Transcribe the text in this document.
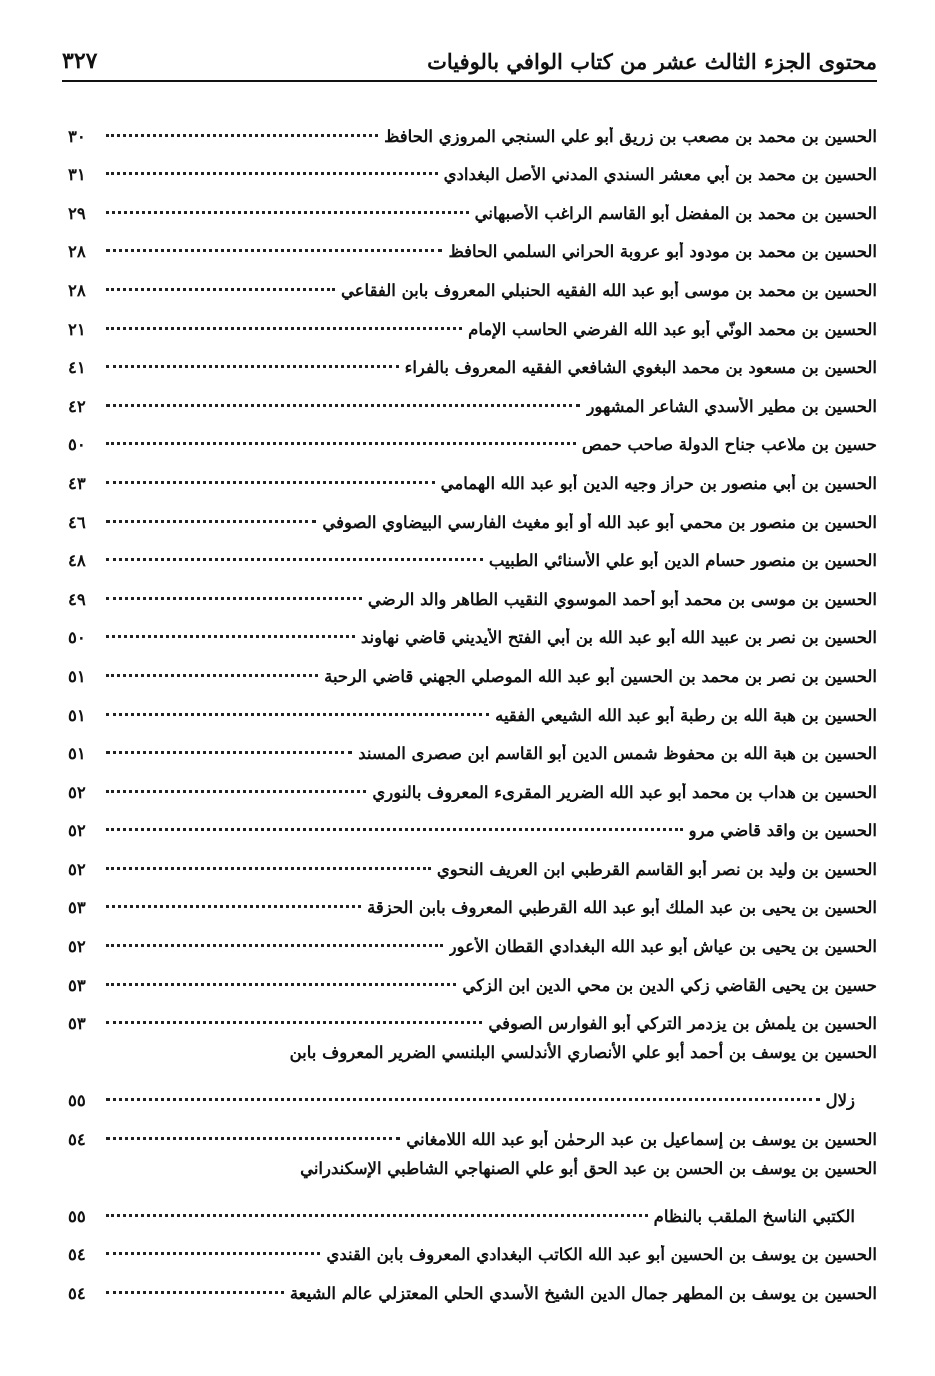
محتوى الجزء الثالث عشر من كتاب الوافي بالوفيات
٣٢٧
الحسين بن محمد بن مصعب بن زريق أبو علي السنجي المروزي الحافظ
٣٠
الحسين بن محمد بن أبي معشر السندي المدني الأصل البغدادي
٣١
الحسين بن محمد بن المفضل أبو القاسم الراغب الأصبهاني
٢٩
الحسين بن محمد بن مودود أبو عروبة الحراني السلمي الحافظ
٢٨
الحسين بن محمد بن موسى أبو عبد الله الفقيه الحنبلي المعروف بابن الفقاعي
٢٨
الحسين بن محمد الونّي أبو عبد الله الفرضي الحاسب الإمام
٢١
الحسين بن مسعود بن محمد البغوي الشافعي الفقيه المعروف بالفراء
٤١
الحسين بن مطير الأسدي الشاعر المشهور
٤٢
حسين بن ملاعب جناح الدولة صاحب حمص
٥٠
الحسين بن أبي منصور بن حراز وجيه الدين أبو عبد الله الهمامي
٤٣
الحسين بن منصور بن محمي أبو عبد الله أو أبو مغيث الفارسي البيضاوي الصوفي
٤٦
الحسين بن منصور حسام الدين أبو علي الأسنائي الطبيب
٤٨
الحسين بن موسى بن محمد أبو أحمد الموسوي النقيب الطاهر والد الرضي
٤٩
الحسين بن نصر بن عبيد الله أبو عبد الله بن أبي الفتح الأيديني قاضي نهاوند
٥٠
الحسين بن نصر بن محمد بن الحسين أبو عبد الله الموصلي الجهني قاضي الرحبة
٥١
الحسين بن هبة الله بن رطبة أبو عبد الله الشيعي الفقيه
٥١
الحسين بن هبة الله بن محفوظ شمس الدين أبو القاسم ابن صصرى المسند
٥١
الحسين بن هداب بن محمد أبو عبد الله الضرير المقرىء المعروف بالنوري
٥٢
الحسين بن واقد قاضي مرو
٥٢
الحسين بن وليد بن نصر أبو القاسم القرطبي ابن العريف النحوي
٥٢
الحسين بن يحيى بن عبد الملك أبو عبد الله القرطبي المعروف بابن الحزقة
٥٣
الحسين بن يحيى بن عياش أبو عبد الله البغدادي القطان الأعور
٥٢
حسين بن يحيى القاضي زكي الدين بن محي الدين ابن الزكي
٥٣
الحسين بن يلمش بن يزدمر التركي أبو الفوارس الصوفي
٥٣
الحسين بن يوسف بن أحمد أبو علي الأنصاري الأندلسي البلنسي الضرير المعروف بابن
زلال
٥٥
الحسين بن يوسف بن إسماعيل بن عبد الرحمٰن أبو عبد الله اللامغاني
٥٤
الحسين بن يوسف بن الحسن بن عبد الحق أبو علي الصنهاجي الشاطبي الإسكندراني
الكتبي الناسخ الملقب بالنظام
٥٥
الحسين بن يوسف بن الحسين أبو عبد الله الكاتب البغدادي المعروف بابن القندي
٥٤
الحسين بن يوسف بن المطهر جمال الدين الشيخ الأسدي الحلي المعتزلي عالم الشيعة
٥٤
